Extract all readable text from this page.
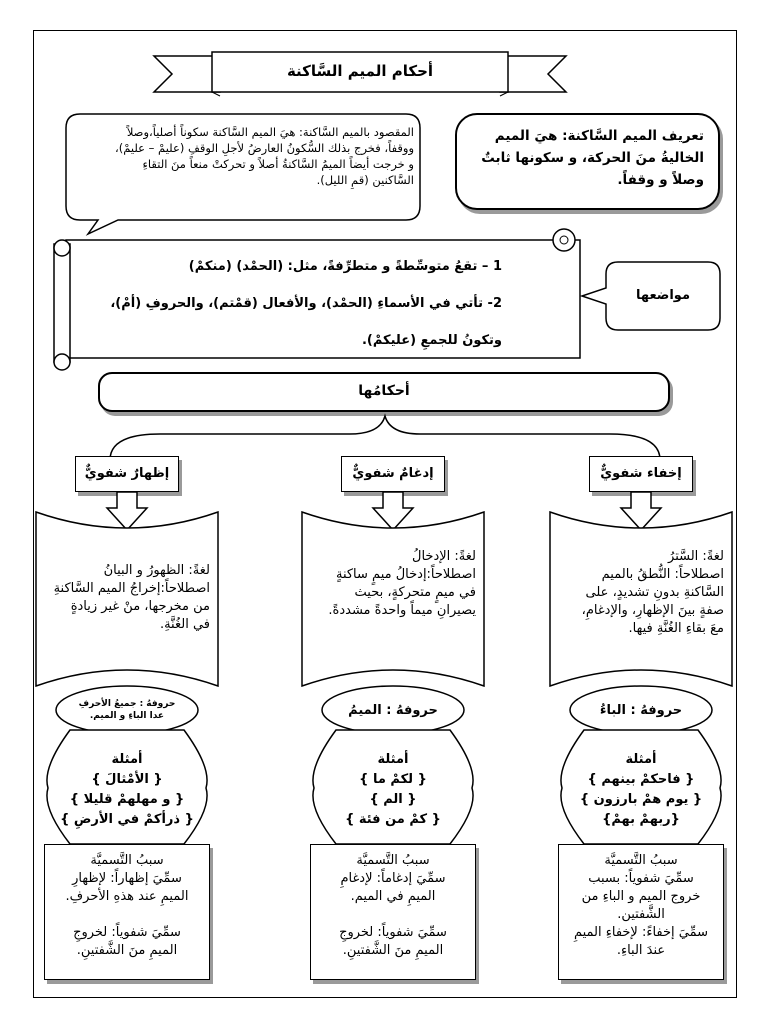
أحكام الميم السَّاكنة
تعريف الميم السَّاكنة: هيَ الميم الخاليةُ منَ الحركة، و سكونها ثابتٌ وصلاً و وقفاً.
المقصود بالميم السَّاكنة: هيَ الميم السَّاكنة سكوناً أصلياً،وصلاً
ووقفاً، فخرج بذلك السُّكونُ العارضُ لأجلِ الوقفِ (عليمْ – عليمْ)،
و خرجت أيضاً الميمُ السَّاكنةُ أصلاً و تحركتْ منعاً منَ التقاءِ
السَّاكنين (قمِ الليل).
1 – تقعُ متوسِّطةً و متطرِّفةً، مثل: (الحمْد) (منكمْ)
2- تأتي في الأسماءِ (الحمْد)، والأفعال (قمْتم)، والحروفِ (أمْ)،
وتكونُ للجمعِ (عليكمْ).
مواضعها
أحكامُها
إخفاء شفويٌّ
لغةً: السَّترُ
اصطلاحاً: النُّطقُ بالميم
السَّاكنةِ بدونِ تشديدٍ، على
صفةٍ بينَ الإظهارِ، والإدغامِ،
معَ بقاءِ الغُنَّةِ فيها.
حروفهُ : الباءُ
أمثلة
{ فاحكمْ بينهم }
{ يوم همْ بارزون }
{ربهمْ بهمْ}
سببُ التَّسميَّة
سمِّيَ شفوياً: بسبب
خروج الميم و الباءِ من
الشَّفتين.
سمِّيَ إخفاءً: لإخفاءِ الميمِ
عندَ الباءِ.
إدغامٌ شفويٌّ
لغةً: الإدخالُ
اصطلاحاً:إدخالُ ميمٍ ساكنةٍ
في ميمٍ متحركةٍ، بحيث
يصيرانِ ميماً واحدةً مشددةً.
حروفهُ : الميمُ
أمثلة
{ لكمْ ما }
{ الم }
{ كمْ من فئة }
سببُ التَّسميَّة
سمِّيَ إدغاماً: لإدغامِ
الميمِ في الميم.
سمِّيَ شفوياً: لخروجِ
الميمِ منَ الشَّفتينِ.
إظهارٌ شفويٌّ
لغةً: الظهورُ و البيانُ
اصطلاحاً:إخراجُ الميم السَّاكنةِ
من مخرجها، منْ غير زيادةٍ
في الغُنَّةِ.
حروفهُ : جميعُ الأحرفِ
عدا الباءِ و الميم.
أمثلة
{ الأمْثالَ }
{ و مهلهمْ قليلا }
{ ذرأكمْ في الأرضِ }
سببُ التَّسميَّة
سمِّيَ إظهاراً: لإظهارِ
الميمِ عند هذهِ الأحرفِ.
سمِّيَ شفوياً: لخروجِ
الميمِ منَ الشَّفتينِ.
